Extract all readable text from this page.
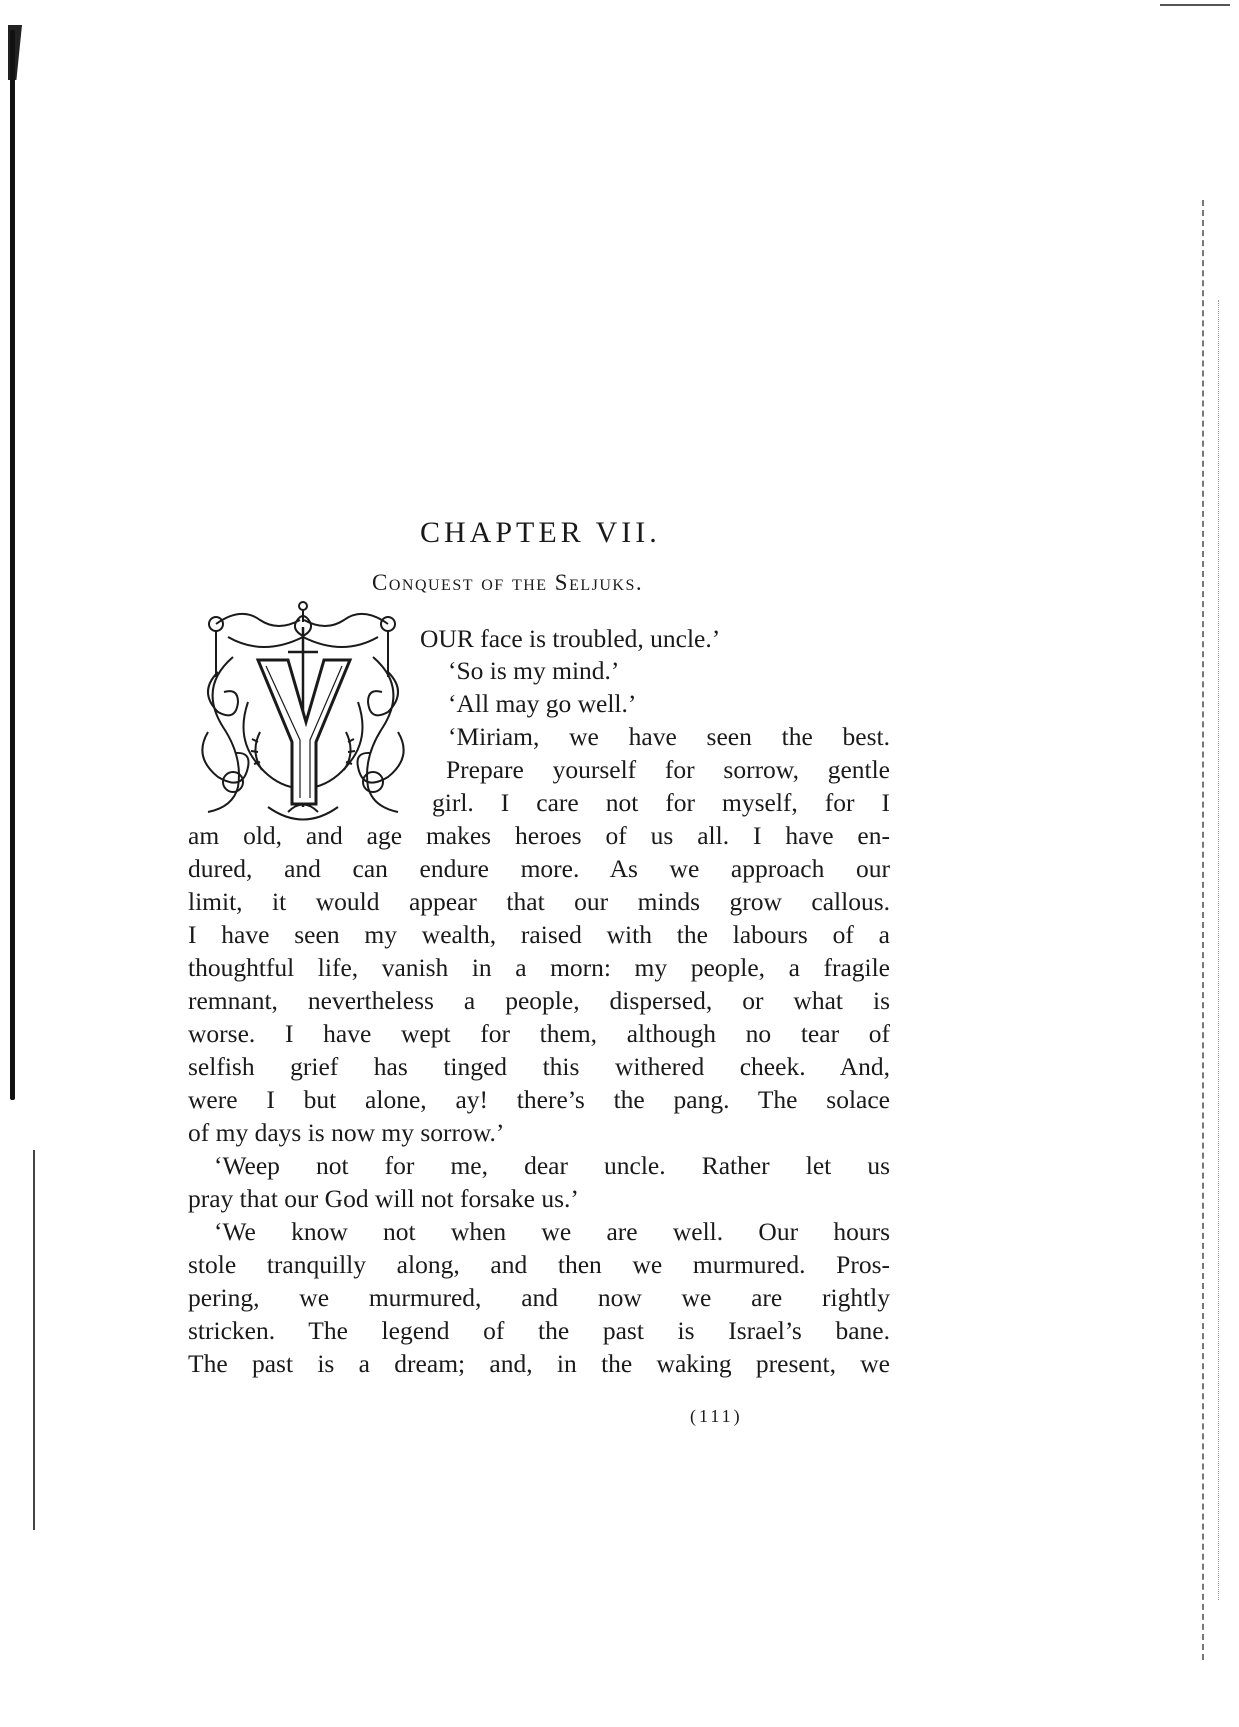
CHAPTER VII.
Conquest of the Seljuks.
OUR face is troubled, uncle.’
‘So is my mind.’
‘All may go well.’
‘Miriam, we have seen the best.
Prepare yourself for sorrow, gentle
girl. I care not for myself, for I
am old, and age makes heroes of us all. I have en-
dured, and can endure more. As we approach our
limit, it would appear that our minds grow callous.
I have seen my wealth, raised with the labours of a
thoughtful life, vanish in a morn: my people, a fragile
remnant, nevertheless a people, dispersed, or what is
worse. I have wept for them, although no tear of
selfish grief has tinged this withered cheek. And,
were I but alone, ay! there’s the pang. The solace
of my days is now my sorrow.’
‘Weep not for me, dear uncle. Rather let us
pray that our God will not forsake us.’
‘We know not when we are well. Our hours
stole tranquilly along, and then we murmured. Pros-
pering, we murmured, and now we are rightly
stricken. The legend of the past is Israel’s bane.
The past is a dream; and, in the waking present, we
(111)
